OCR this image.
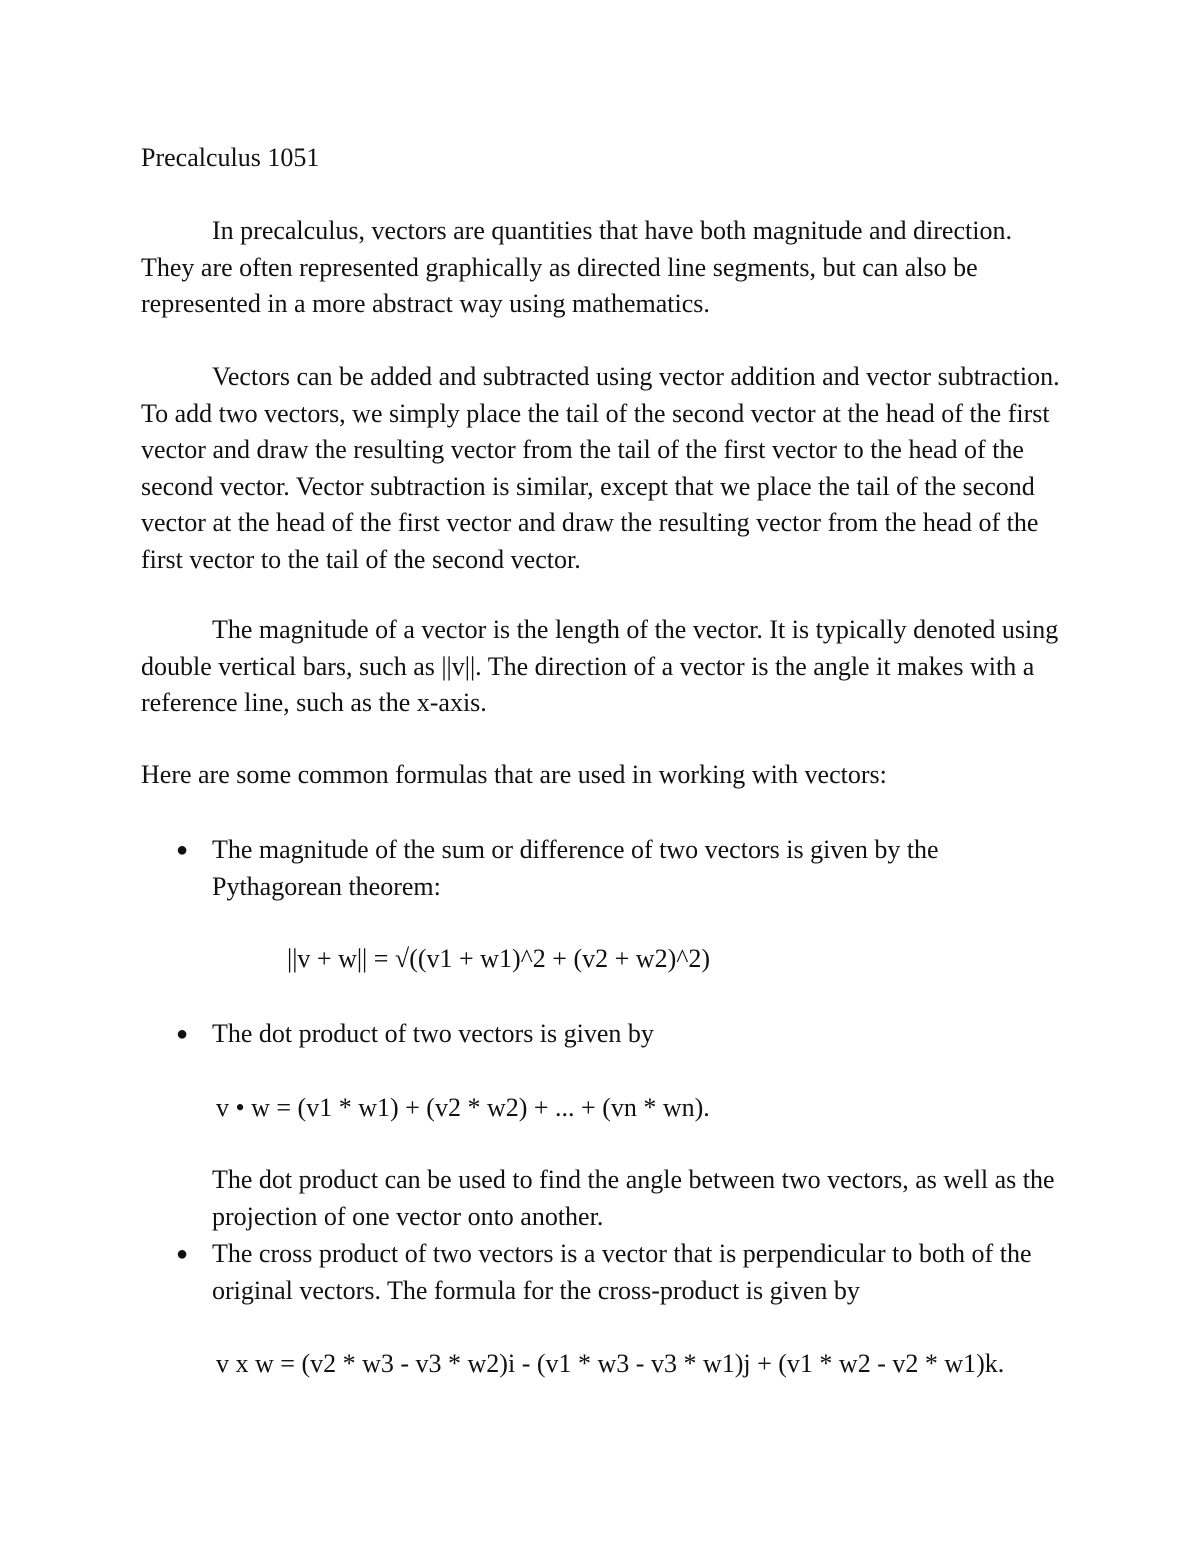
Precalculus 1051

In precalculus, vectors are quantities that have both magnitude and direction. They are often represented graphically as directed line segments, but can also be represented in a more abstract way using mathematics.

Vectors can be added and subtracted using vector addition and vector subtraction. To add two vectors, we simply place the tail of the second vector at the head of the first vector and draw the resulting vector from the tail of the first vector to the head of the second vector. Vector subtraction is similar, except that we place the tail of the second vector at the head of the first vector and draw the resulting vector from the head of the first vector to the tail of the second vector.

The magnitude of a vector is the length of the vector. It is typically denoted using double vertical bars, such as ||v||. The direction of a vector is the angle it makes with a reference line, such as the x-axis.

Here are some common formulas that are used in working with vectors:

● The magnitude of the sum or difference of two vectors is given by the Pythagorean theorem:

||v + w|| = √((v1 + w1)^2 + (v2 + w2)^2)

● The dot product of two vectors is given by

v • w = (v1 * w1) + (v2 * w2) + ... + (vn * wn).

The dot product can be used to find the angle between two vectors, as well as the projection of one vector onto another.

● The cross product of two vectors is a vector that is perpendicular to both of the original vectors. The formula for the cross-product is given by

v x w = (v2 * w3 - v3 * w2)i - (v1 * w3 - v3 * w1)j + (v1 * w2 - v2 * w1)k.
